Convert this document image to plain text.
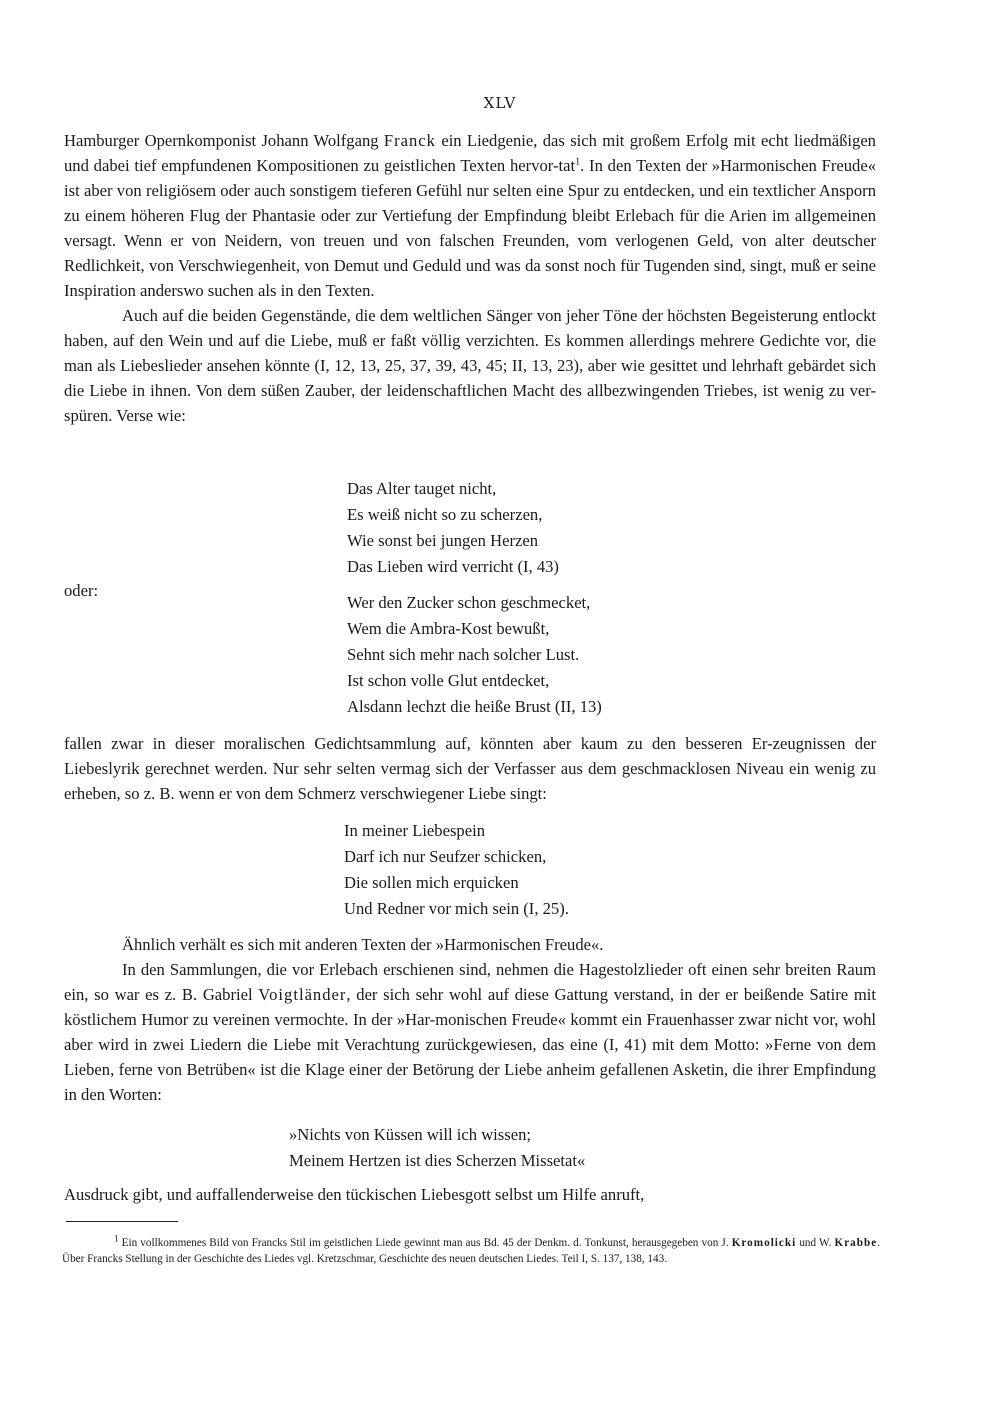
XLV

Hamburger Opernkomponist Johann Wolfgang Franck ein Liedgenie, das sich mit großem Erfolg mit echt liedmäßigen und dabei tief empfundenen Kompositionen zu geistlichen Texten hervor-tat$^1$. In den Texten der »Harmonischen Freude« ist aber von religiösem oder auch sonstigem tieferen Gefühl nur selten eine Spur zu entdecken, und ein textlicher Ansporn zu einem höheren Flug der Phantasie oder zur Vertiefung der Empfindung bleibt Erlebach für die Arien im allgemeinen versagt. Wenn er von Neidern, von treuen und von falschen Freunden, vom verlogenen Geld, von alter deutscher Redlichkeit, von Verschwiegenheit, von Demut und Geduld und was da sonst noch für Tugenden sind, singt, muß er seine Inspiration anderswo suchen als in den Texten.

Auch auf die beiden Gegenstände, die dem weltlichen Sänger von jeher Töne der höchsten Begeisterung entlockt haben, auf den Wein und auf die Liebe, muß er faßt völlig verzichten. Es kommen allerdings mehrere Gedichte vor, die man als Liebeslieder ansehen könnte (I, 12, 13, 25, 37, 39, 43, 45; II, 13, 23), aber wie gesittet und lehrhaft gebärdet sich die Liebe in ihnen. Von dem süßen Zauber, der leidenschaftlichen Macht des allbezwingenden Triebes, ist wenig zu ver-spüren. Verse wie:

Das Alter tauget nicht,
Es weiß nicht so zu scherzen,
Wie sonst bei jungen Herzen
Das Lieben wird verricht (I, 43)
oder:
Wer den Zucker schon geschmecket,
Wem die Ambra-Kost bewußt,
Sehnt sich mehr nach solcher Lust.
Ist schon volle Glut entdecket,
Alsdann lechzt die heiße Brust (II, 13)

fallen zwar in dieser moralischen Gedichtsammlung auf, könnten aber kaum zu den besseren Er-zeugnissen der Liebeslyrik gerechnet werden. Nur sehr selten vermag sich der Verfasser aus dem geschmacklosen Niveau ein wenig zu erheben, so z. B. wenn er von dem Schmerz verschwiegener Liebe singt:

In meiner Liebespein
Darf ich nur Seufzer schicken,
Die sollen mich erquicken
Und Redner vor mich sein (I, 25).

Ähnlich verhält es sich mit anderen Texten der »Harmonischen Freude«.

In den Sammlungen, die vor Erlebach erschienen sind, nehmen die Hagestolzlieder oft einen sehr breiten Raum ein, so war es z. B. Gabriel Voigtländer, der sich sehr wohl auf diese Gattung verstand, in der er beißende Satire mit köstlichem Humor zu vereinen vermochte. In der »Har-monischen Freude« kommt ein Frauenhasser zwar nicht vor, wohl aber wird in zwei Liedern die Liebe mit Verachtung zurückgewiesen, das eine (I, 41) mit dem Motto: »Ferne von dem Lieben, ferne von Betrüben« ist die Klage einer der Betörung der Liebe anheim gefallenen Asketin, die ihrer Empfindung in den Worten:

»Nichts von Küssen will ich wissen;
Meinem Hertzen ist dies Scherzen Missetat«

Ausdruck gibt, und auffallenderweise den tückischen Liebesgott selbst um Hilfe anruft,

$^1$ Ein vollkommenes Bild von Francks Stil im geistlichen Liede gewinnt man aus Bd. 45 der Denkm. d. Tonkunst, herausgegeben von J. Kromolicki und W. Krabbe. Über Francks Stellung in der Geschichte des Liedes vgl. Kretzschmar, Geschichte des neuen deutschen Liedes. Teil I, S. 137, 138, 143.
